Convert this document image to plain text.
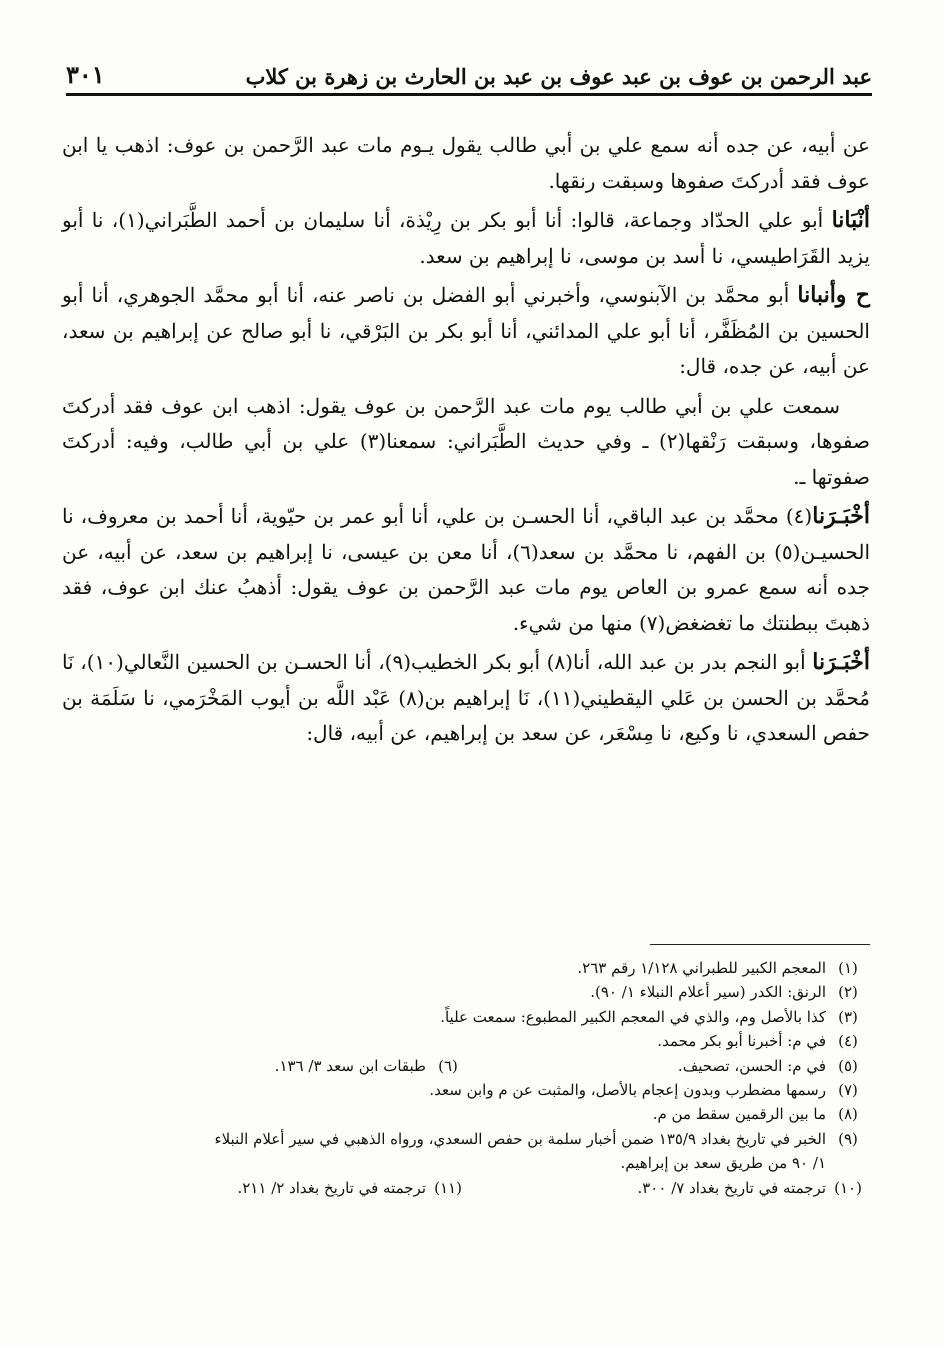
٣٠١	عبد الرحمن بن عوف بن عبد عوف بن عبد بن الحارث بن زهرة بن كلاب

عن أبيه، عن جده أنه سمع علي بن أبي طالب يقول يـوم مات عبد الرَّحمن بن عوف: اذهب يا ابن عوف فقد أدركتَ صفوها وسبقت رنقها.

أنْبَانا أبو علي الحدّاد وجماعة، قالوا: أنا أبو بكر بن رِيْذة، أنا سليمان بن أحمد الطَّبَراني(١)، نا أبو يزيد القَرَاطيسي، نا أسد بن موسى، نا إبراهيم بن سعد.

ح وأنبانا أبو محمَّد بن الآبنوسي، وأخبرني أبو الفضل بن ناصر عنه، أنا أبو محمَّد الجوهري، أنا أبو الحسين بن المُظَفَّر، أنا أبو علي المدائني، أنا أبو بكر بن البَرْقي، نا أبو صالح عن إبراهيم بن سعد، عن أبيه، عن جده، قال:

سمعت علي بن أبي طالب يوم مات عبد الرَّحمن بن عوف يقول: اذهب ابن عوف فقد أدركتَ صفوها، وسبقت رَنْقها(٢) ـ وفي حديث الطَّبَراني: سمعنا(٣) علي بن أبي طالب، وفيه: أدركتَ صفوتها ـ.

أخْبَـرَنا(٤) محمَّد بن عبد الباقي، أنا الحسـن بن علي، أنا أبو عمر بن حيّوية، أنا أحمد بن معروف، نا الحسيـن(٥) بن الفهم، نا محمَّد بن سعد(٦)، أنا معن بن عيسى، نا إبراهيم بن سعد، عن أبيه، عن جده أنه سمع عمرو بن العاص يوم مات عبد الرَّحمن بن عوف يقول: أذهبُ عنك ابن عوف، فقد ذهبتَ ببطنتك ما تغضغض(٧) منها من شيء.

أخْبَـرَنا أبو النجم بدر بن عبد الله، أنا(٨) أبو بكر الخطيب(٩)، أنا الحسـن بن الحسين النَّعالي(١٠)، نَا مُحمَّد بن الحسن بن عَلي اليقطيني(١١)، نَا إبراهيم بن(٨) عَبْد اللَّه بن أيوب المَخْرَمي، نا سَلَمَة بن حفص السعدي، نا وكيع، نا مِسْعَر، عن سعد بن إبراهيم، عن أبيه، قال:

(١)
المعجم الكبير للطبراني ١/١٢٨ رقم ٢٦٣.
(٢)
الرنق: الكدر (سير أعلام النبلاء ١/ ٩٠).
(٣)
كذا بالأصل وم، والذي في المعجم الكبير المطبوع: سمعت علياً.
(٤)
في م: أخبرنا أبو بكر محمد.
(٥)
في م: الحسن، تصحيف.
(٦)
طبقات ابن سعد ٣/ ١٣٦.
(٧)
رسمها مضطرب وبدون إعجام بالأصل، والمثبت عن م وابن سعد.
(٨)
ما بين الرقمين سقط من م.
(٩)
الخبر في تاريخ بغداد ١٣٥/٩ ضمن أخبار سلمة بن حفص السعدي، ورواه الذهبي في سير أعلام النبلاء
١/ ٩٠ من طريق سعد بن إبراهيم.
(١٠)
ترجمته في تاريخ بغداد ٧/ ٣٠٠.
(١١)
ترجمته في تاريخ بغداد ٢/ ٢١١.
